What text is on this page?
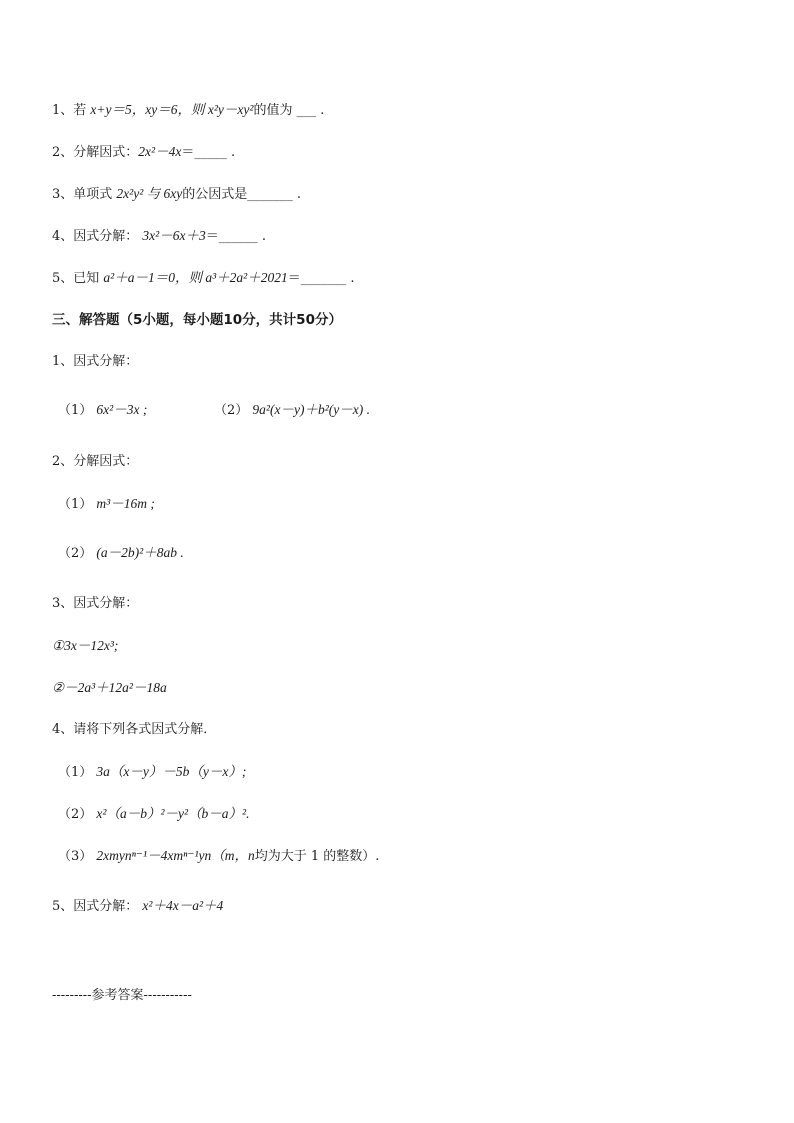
1、若 x+y＝5，xy＝6，则 x²y－xy²的值为 ___ .
2、分解因式：2x²－4x＝_____ .
3、单项式 2x²y² 与 6xy的公因式是_______ .
4、因式分解： 3x²－6x＋3＝______ .
5、已知 a²＋a－1＝0，则 a³＋2a²＋2021＝_______ .
三、解答题（5小题，每小题10分，共计50分）
1、因式分解：
（1） 6x²－3x ;	（2） 9a²(x－y)＋b²(y－x) .
2、分解因式：
（1） m³－16m ;
（2） (a－2b)²＋8ab .
3、因式分解：
①3x－12x³;
②－2a³＋12a²－18a
4、请将下列各式因式分解．
（1） 3a（x－y）－5b（y－x）;
（2） x²（a－b）²－y²（b－a）².
（3） 2xmynⁿ⁻¹－4xmⁿ⁻¹yn（m，n均为大于 1 的整数）.
5、因式分解： x²＋4x－a²＋4
---------参考答案-----------
